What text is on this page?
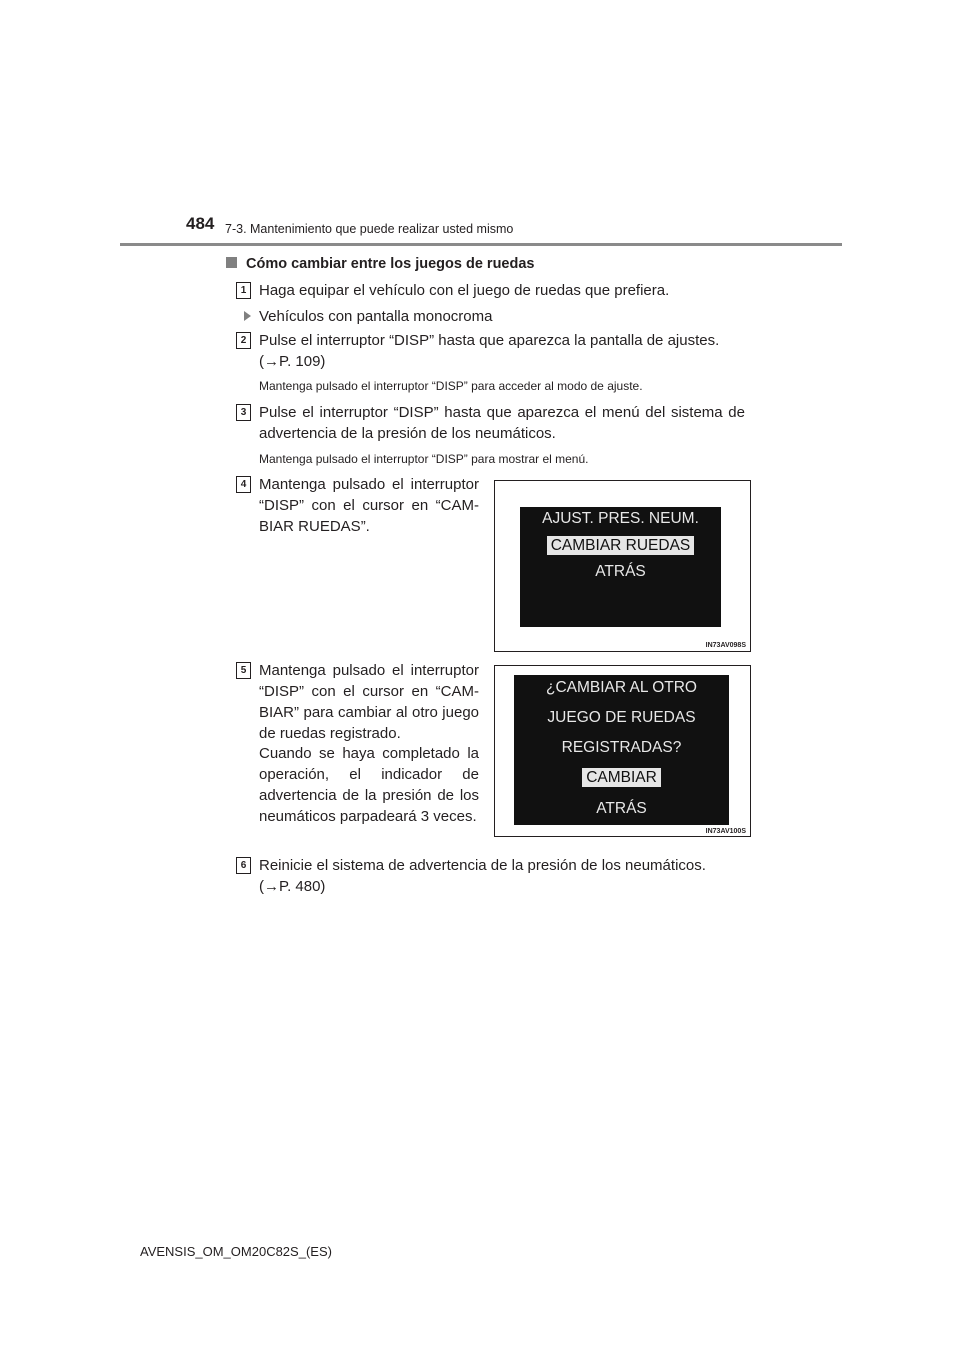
484 7-3. Mantenimiento que puede realizar usted mismo
Cómo cambiar entre los juegos de ruedas
1 Haga equipar el vehículo con el juego de ruedas que prefiera.
Vehículos con pantalla monocroma
2 Pulse el interruptor “DISP” hasta que aparezca la pantalla de ajustes.
(→P. 109)
Mantenga pulsado el interruptor “DISP” para acceder al modo de ajuste.
3 Pulse el interruptor “DISP” hasta que aparezca el menú del sistema de advertencia de la presión de los neumáticos.
Mantenga pulsado el interruptor “DISP” para mostrar el menú.
4 Mantenga pulsado el interruptor “DISP” con el cursor en “CAM-BIAR RUEDAS”.	AJUST. PRES. NEUM.
CAMBIAR RUEDAS
ATRÁS
IN73AV098S
5 Mantenga pulsado el interruptor “DISP” con el cursor en “CAM-BIAR” para cambiar al otro juego de ruedas registrado.
Cuando se haya completado la operación, el indicador de advertencia de la presión de los neumáticos parpadeará 3 veces.
¿CAMBIAR AL OTRO
JUEGO DE RUEDAS
REGISTRADAS?
CAMBIAR
ATRÁS
IN73AV100S
6 Reinicie el sistema de advertencia de la presión de los neumáticos.
(→P. 480)
AVENSIS_OM_OM20C82S_(ES)
